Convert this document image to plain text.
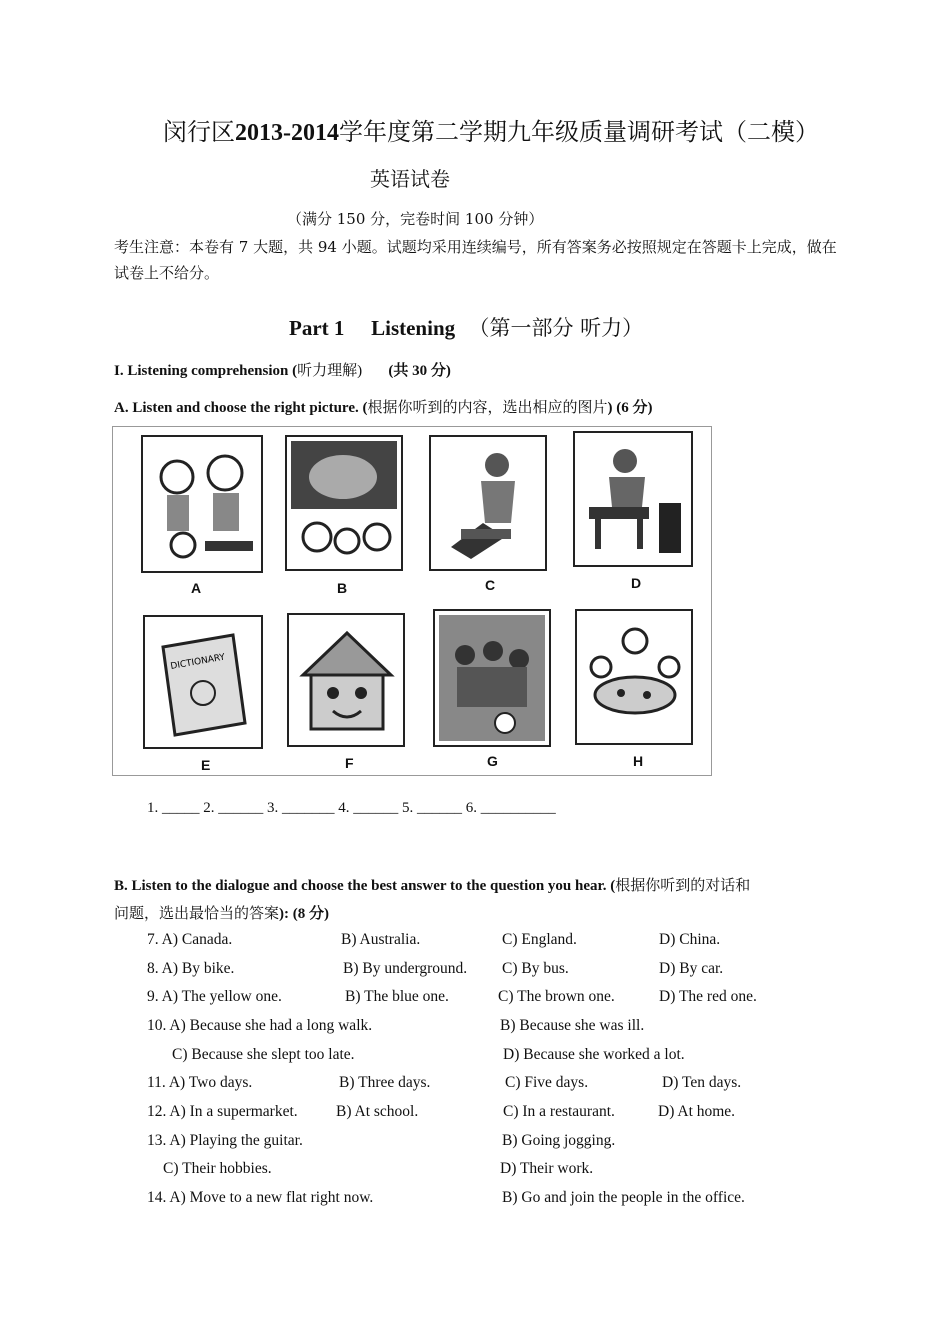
闵行区2013-2014学年度第二学期九年级质量调研考试（二模）
英语试卷
（满分 150 分，完卷时间 100 分钟）
考生注意：本卷有 7 大题，共 94 小题。试题均采用连续编号，所有答案务必按照规定在答题卡上完成，做在试卷上不给分。
Part 1 Listening （第一部分 听力）
I. Listening comprehension (听力理解) (共 30 分)
A. Listen and choose the right picture. (根据你听到的内容，选出相应的图片) (6 分)
A	B	C	D
DICTIONARY
E	F	G	H
1. _____ 2. ______ 3. _______ 4. ______ 5. ______ 6. __________
B. Listen to the dialogue and choose the best answer to the question you hear. (根据你听到的对话和
问题，选出最恰当的答案): (8 分)
7. A) Canada.	B) Australia.	C) England.	D) China.
8. A) By bike.	B) By underground. C) By bus.	D) By car.
9. A) The yellow one.	B) The blue one.	C) The brown one.	D) The red one.
10. A) Because she had a long walk.	B) Because she was ill.
C) Because she slept too late.	D) Because she worked a lot.
11. A) Two days.	B) Three days.	C) Five days.	D) Ten days.
12. A) In a supermarket. B) At school.	C) In a restaurant.	D) At home.
13. A) Playing the guitar.	B) Going jogging.
C) Their hobbies.	D) Their work.
14. A) Move to a new flat right now.	B) Go and join the people in the office.
